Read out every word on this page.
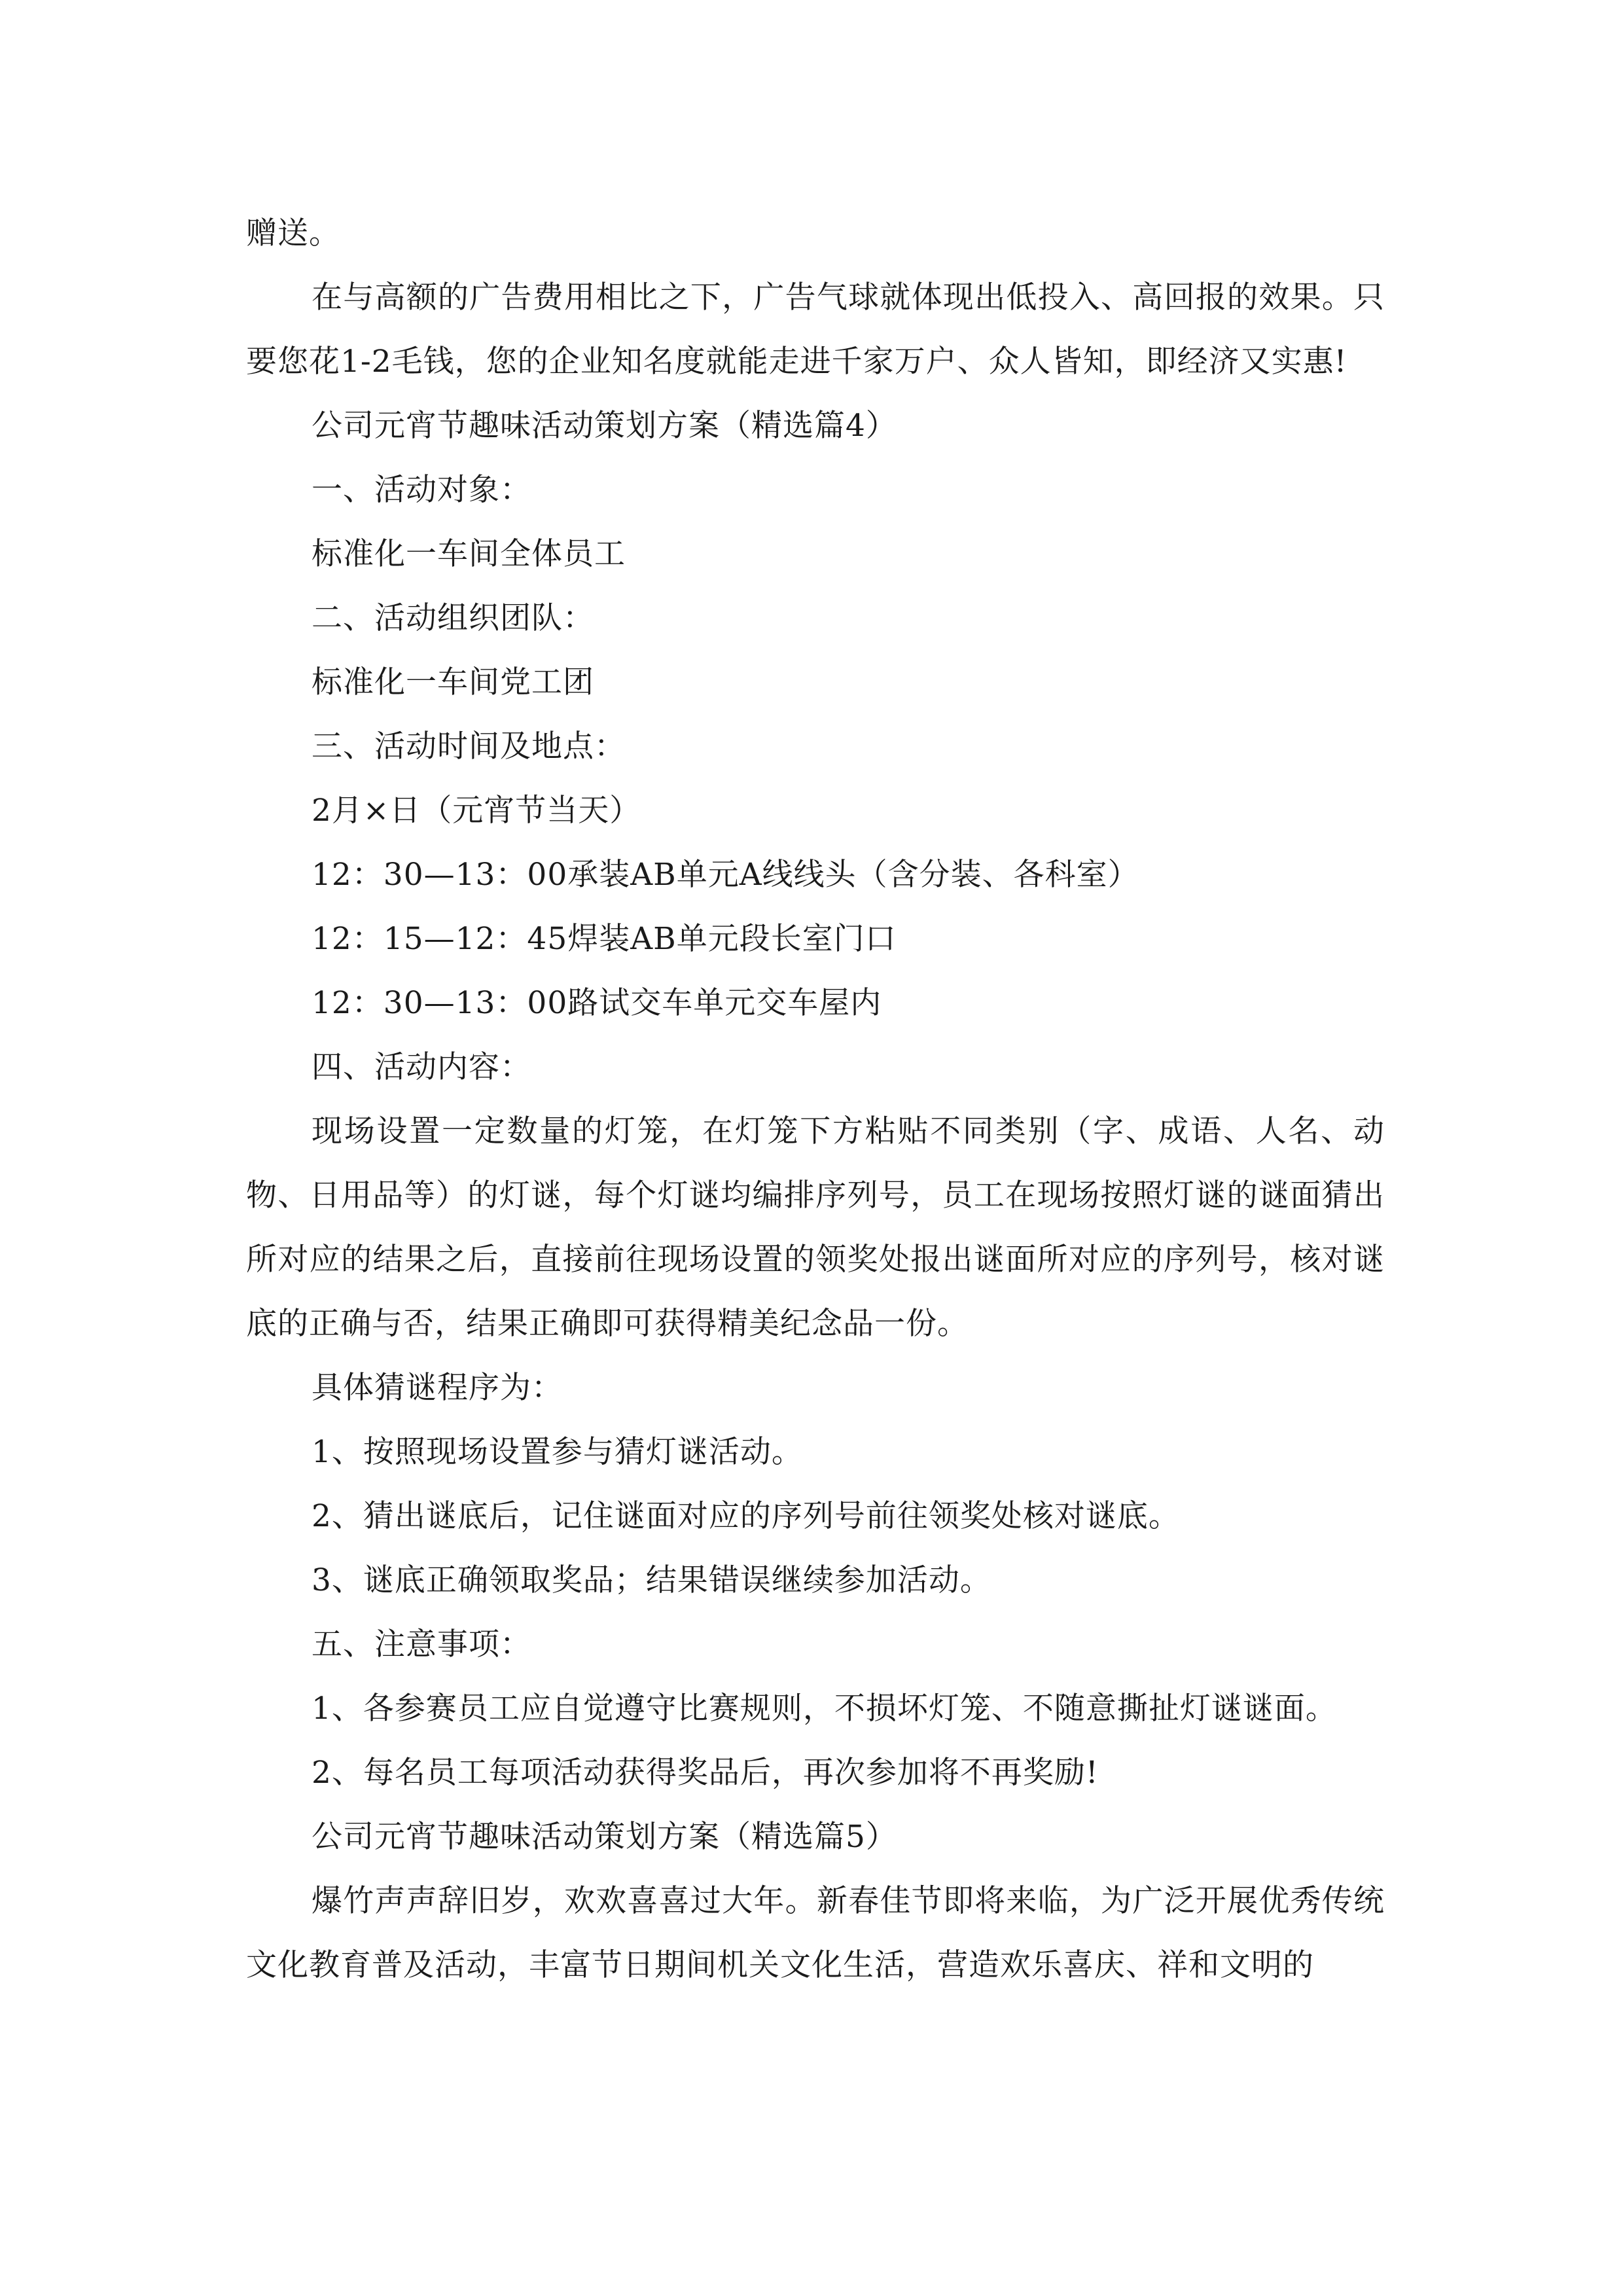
赠送。

在与高额的广告费用相比之下，广告气球就体现出低投入、高回报的效果。只要您花1-2毛钱，您的企业知名度就能走进千家万户、众人皆知，即经济又实惠!

公司元宵节趣味活动策划方案（精选篇4）

一、活动对象：

标准化一车间全体员工

二、活动组织团队：

标准化一车间党工团

三、活动时间及地点：

2月×日（元宵节当天）

12：30—13：00承装AB单元A线线头（含分装、各科室）

12：15—12：45焊装AB单元段长室门口

12：30—13：00路试交车单元交车屋内

四、活动内容：

现场设置一定数量的灯笼，在灯笼下方粘贴不同类别（字、成语、人名、动物、日用品等）的灯谜，每个灯谜均编排序列号，员工在现场按照灯谜的谜面猜出所对应的结果之后，直接前往现场设置的领奖处报出谜面所对应的序列号，核对谜底的正确与否，结果正确即可获得精美纪念品一份。

具体猜谜程序为：

1、按照现场设置参与猜灯谜活动。

2、猜出谜底后，记住谜面对应的序列号前往领奖处核对谜底。

3、谜底正确领取奖品；结果错误继续参加活动。

五、注意事项：

1、各参赛员工应自觉遵守比赛规则，不损坏灯笼、不随意撕扯灯谜谜面。

2、每名员工每项活动获得奖品后，再次参加将不再奖励!

公司元宵节趣味活动策划方案（精选篇5）

爆竹声声辞旧岁，欢欢喜喜过大年。新春佳节即将来临，为广泛开展优秀传统文化教育普及活动，丰富节日期间机关文化生活，营造欢乐喜庆、祥和文明的
